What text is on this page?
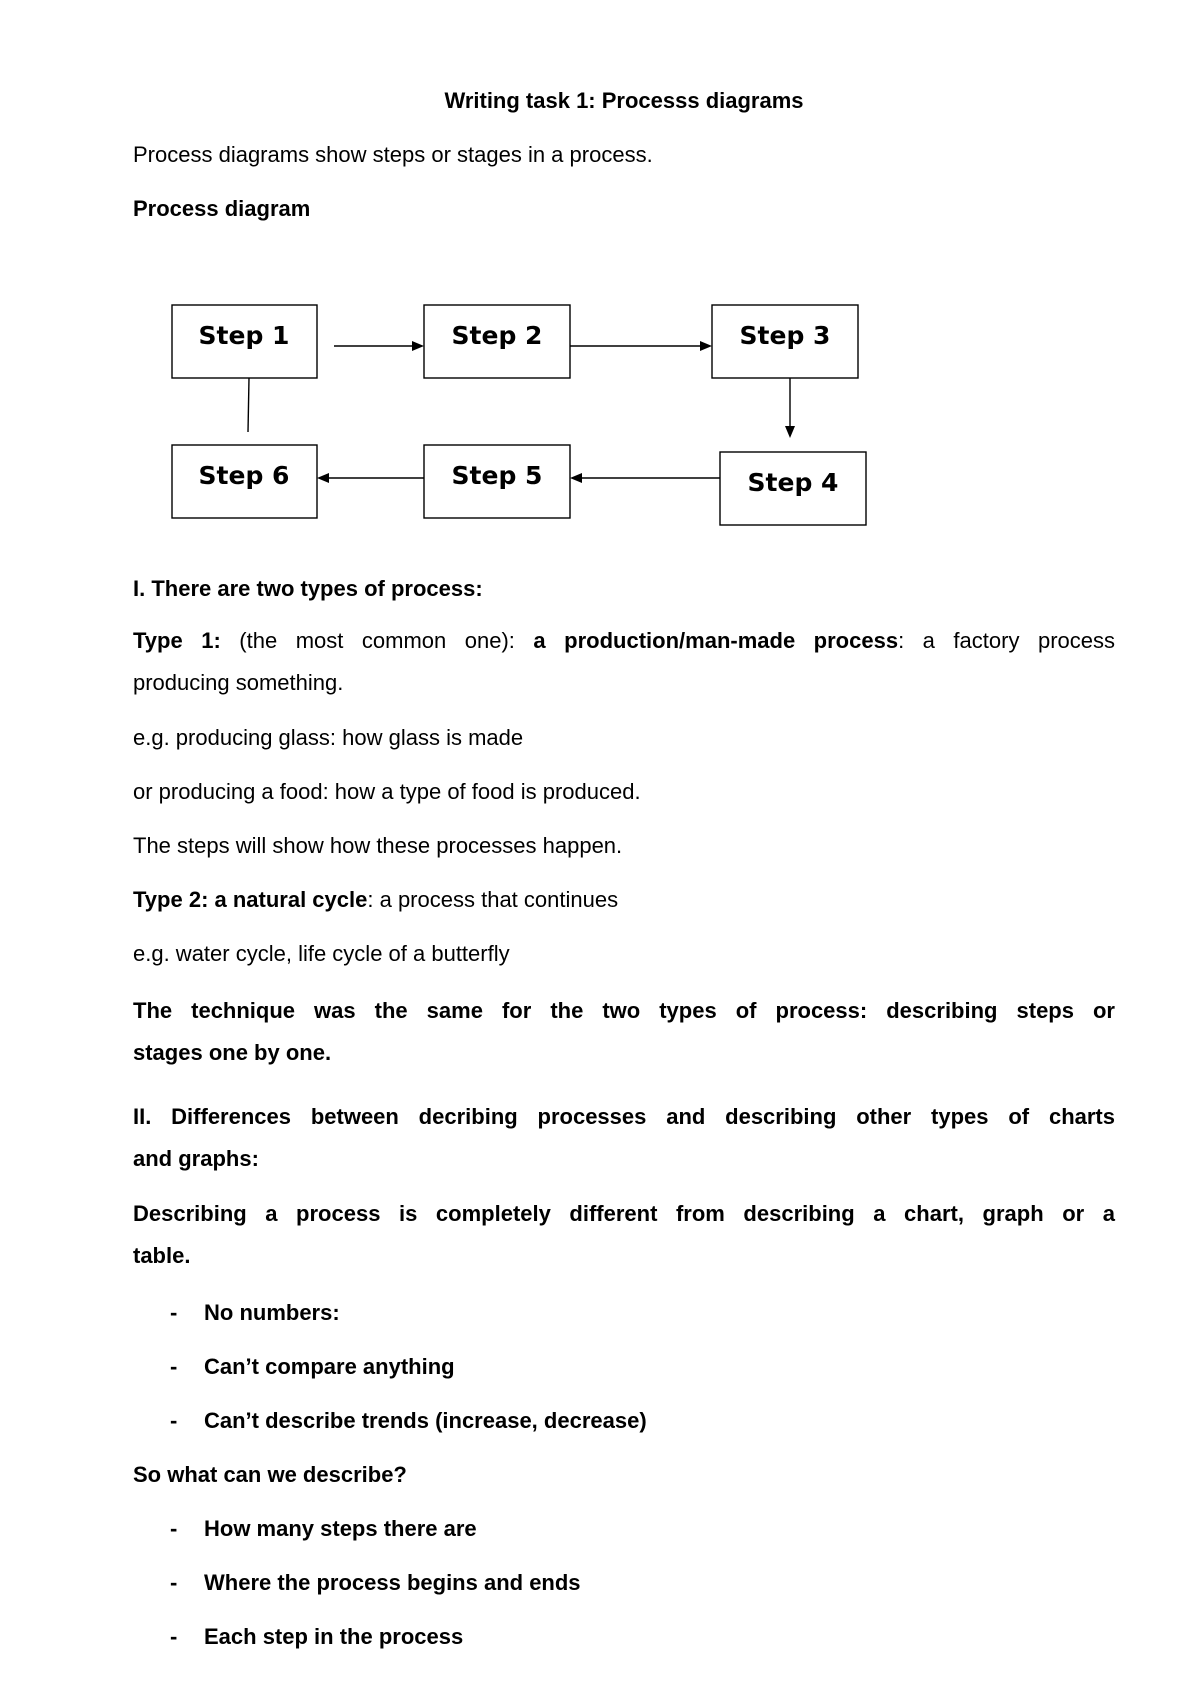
Writing task 1: Processs diagrams
Process diagrams show steps or stages in a process.
Process diagram
Step 1	Step 2	Step 3
Step 4
Step 5
Step 6
I. There are two types of process:
Type 1: (the most common one): a production/man-made process: a factory process
producing something.
e.g. producing glass: how glass is made
or producing a food: how a type of food is produced.
The steps will show how these processes happen.
Type 2: a natural cycle: a process that continues
e.g. water cycle, life cycle of a butterfly
The technique was the same for the two types of process: describing steps or
stages one by one.
II. Differences between decribing processes and describing other types of charts
and graphs:
Describing a process is completely different from describing a chart, graph or a
table.
- No numbers:
- Can’t compare anything
- Can’t describe trends (increase, decrease)
So what can we describe?
- How many steps there are
- Where the process begins and ends
- Each step in the process
